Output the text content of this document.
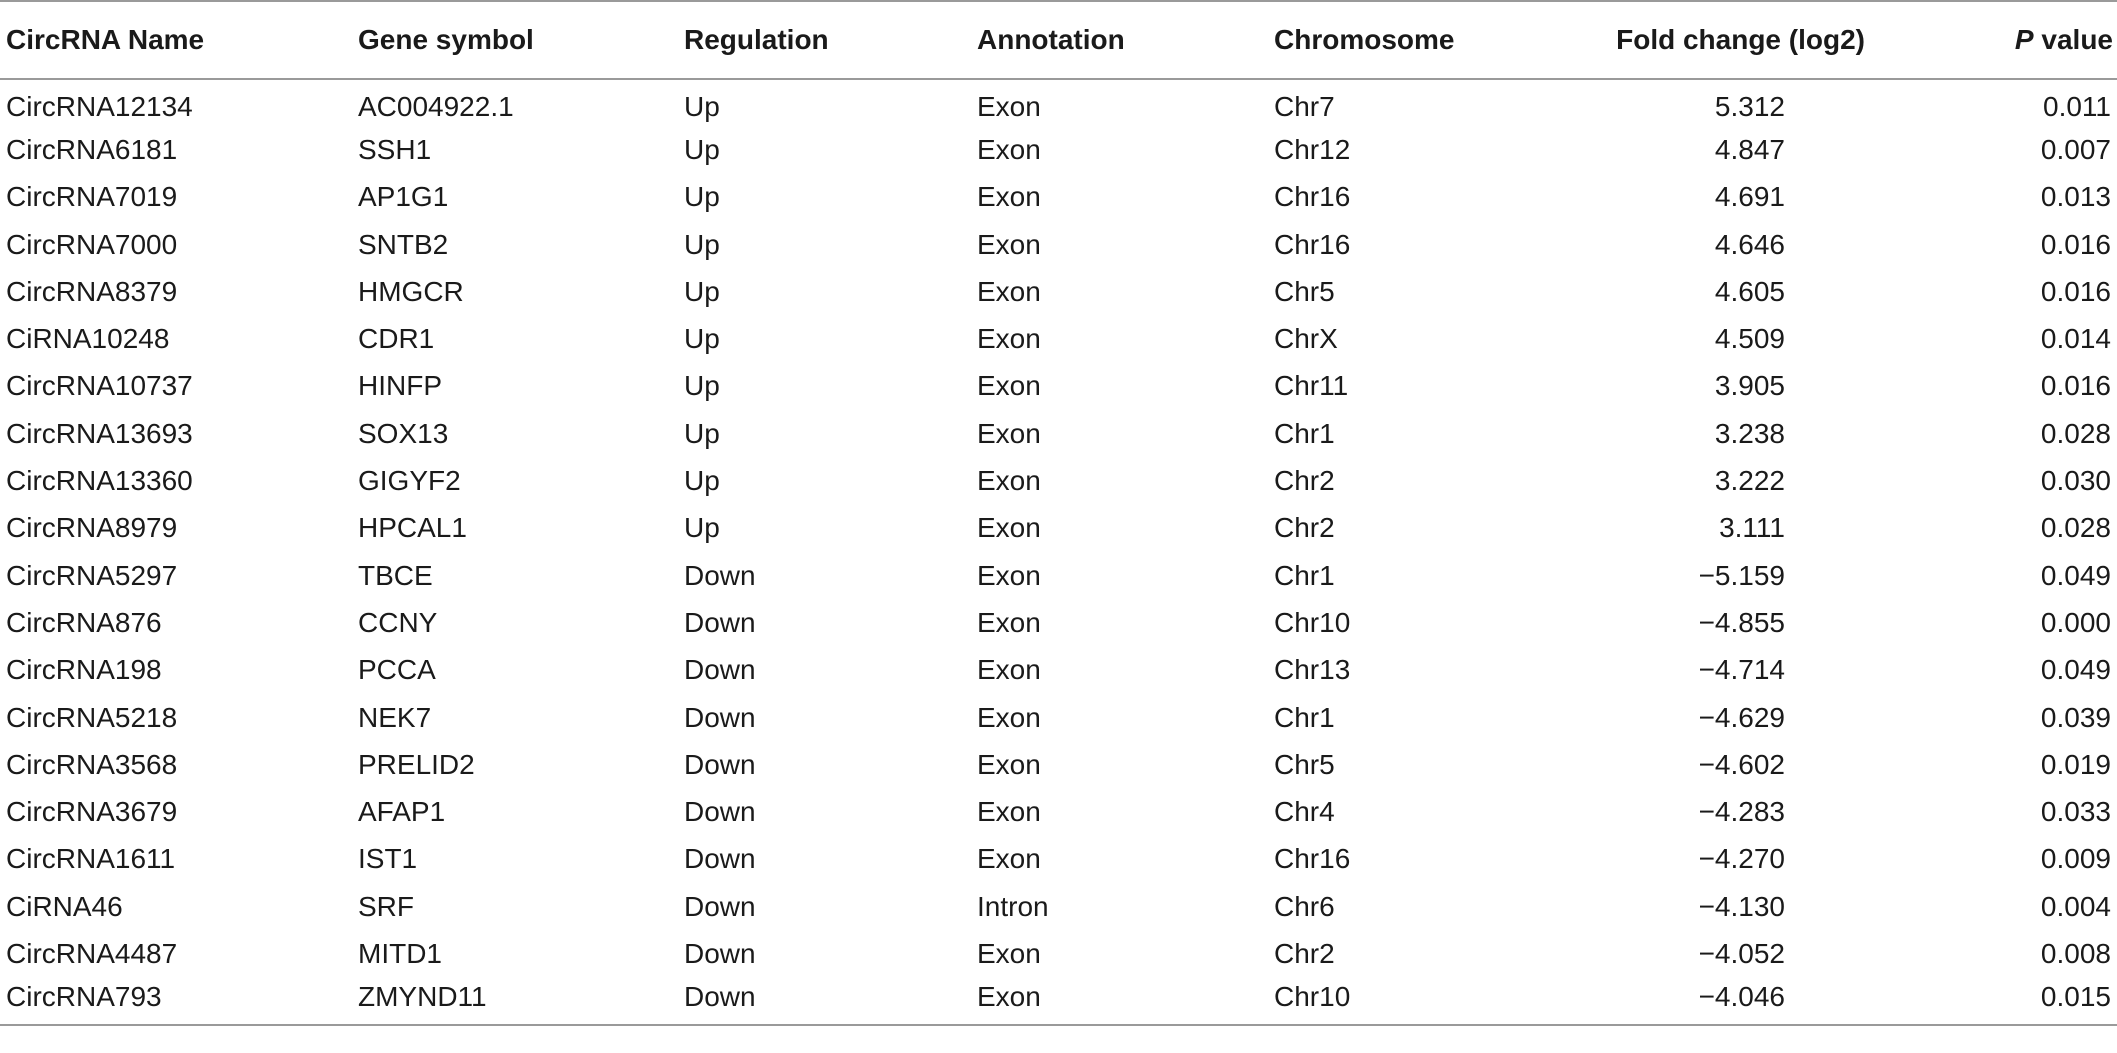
CircRNA Name	Gene symbol	Regulation	Annotation	Chromosome	Fold change (log2)	P value
CircRNA12134	AC004922.1	Up	Exon	Chr7	5.312	0.011
CircRNA6181	SSH1	Up	Exon	Chr12	4.847	0.007
CircRNA7019	AP1G1	Up	Exon	Chr16	4.691	0.013
CircRNA7000	SNTB2	Up	Exon	Chr16	4.646	0.016
CircRNA8379	HMGCR	Up	Exon	Chr5	4.605	0.016
CiRNA10248	CDR1	Up	Exon	ChrX	4.509	0.014
CircRNA10737	HINFP	Up	Exon	Chr11	3.905	0.016
CircRNA13693	SOX13	Up	Exon	Chr1	3.238	0.028
CircRNA13360	GIGYF2	Up	Exon	Chr2	3.222	0.030
CircRNA8979	HPCAL1	Up	Exon	Chr2	3.111	0.028
CircRNA5297	TBCE	Down	Exon	Chr1	−5.159	0.049
CircRNA876	CCNY	Down	Exon	Chr10	−4.855	0.000
CircRNA198	PCCA	Down	Exon	Chr13	−4.714	0.049
CircRNA5218	NEK7	Down	Exon	Chr1	−4.629	0.039
CircRNA3568	PRELID2	Down	Exon	Chr5	−4.602	0.019
CircRNA3679	AFAP1	Down	Exon	Chr4	−4.283	0.033
CircRNA1611	IST1	Down	Exon	Chr16	−4.270	0.009
CiRNA46	SRF	Down	Intron	Chr6	−4.130	0.004
CircRNA4487	MITD1	Down	Exon	Chr2	−4.052	0.008
CircRNA793	ZMYND11	Down	Exon	Chr10	−4.046	0.015
